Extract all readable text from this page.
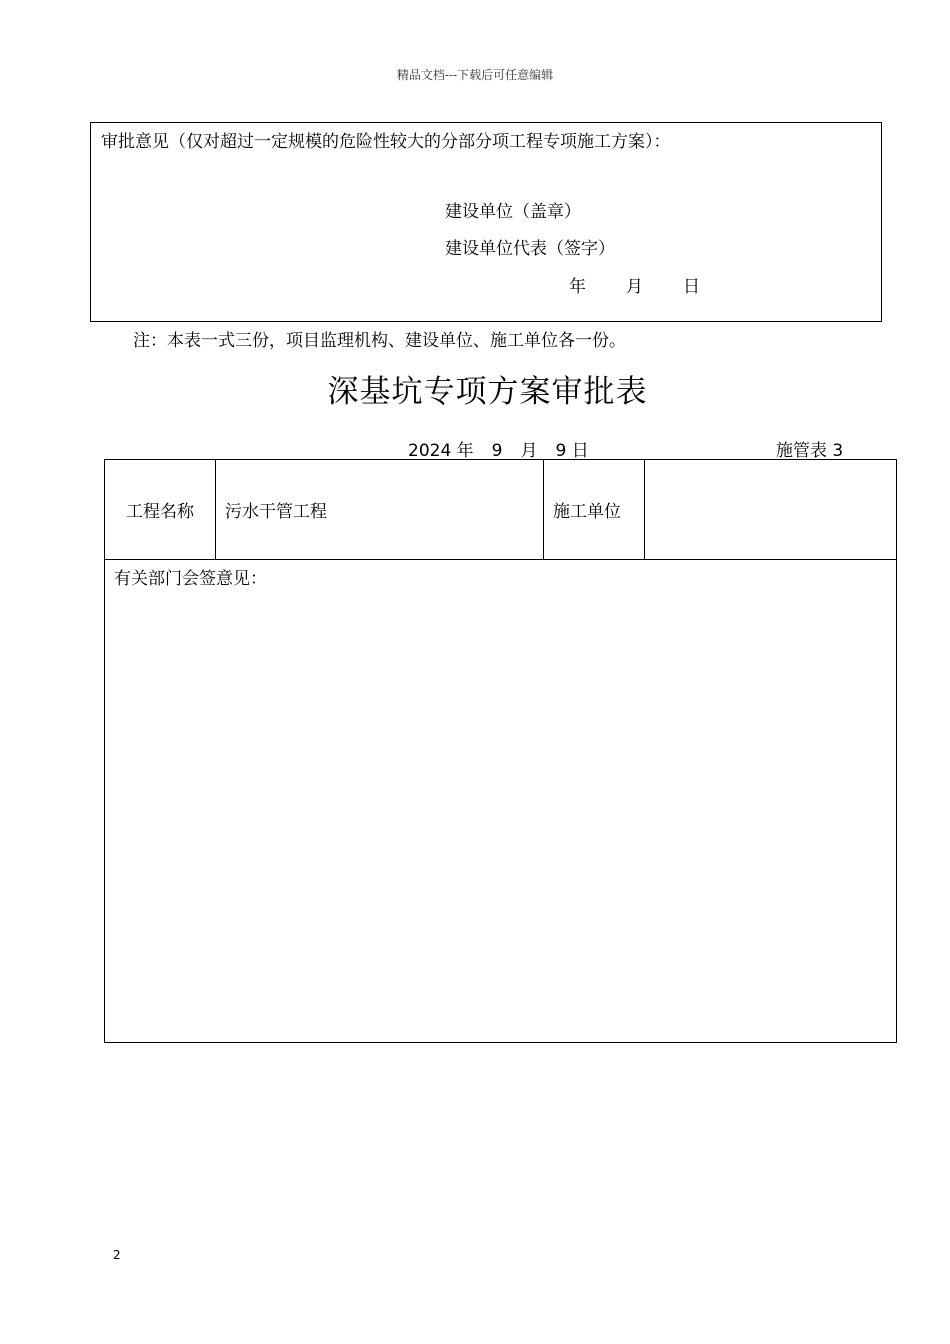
精品文档---下载后可任意编辑
审批意见（仅对超过一定规模的危险性较大的分部分项工程专项施工方案）：
建设单位（盖章）
建设单位代表（签字）
年 月 日
注：本表一式三份，项目监理机构、建设单位、施工单位各一份。
深基坑专项方案审批表
2024 年 9 月 9 日	施管表 3
工程名称	污水干管工程	施工单位	
有关部门会签意见：
2
